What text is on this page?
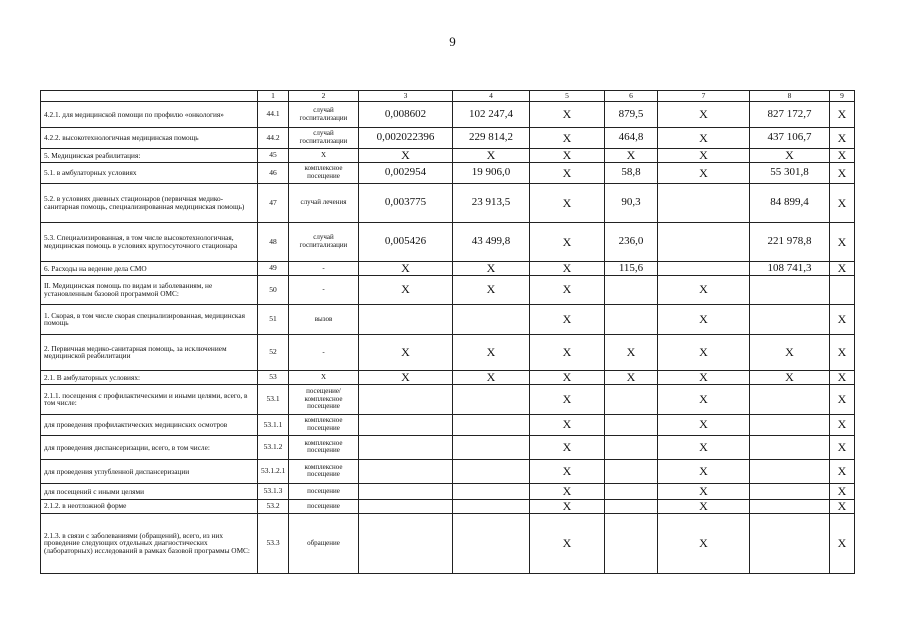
9
	1	2	3	4	5	6	7	8	9
4.2.1. для медицинской помощи по профилю «онкология»	44.1	случай госпитализации	0,008602	102 247,4	X	879,5	X	827 172,7	X
4.2.2. высокотехнологичная медицинская помощь	44.2	случай госпитализации	0,002022396	229 814,2	X	464,8	X	437 106,7	X
5. Медицинская реабилитация:	45	X	X	X	X	X	X	X	X
5.1. в амбулаторных условиях	46	комплексное посещение	0,002954	19 906,0	X	58,8	X	55 301,8	X
5.2. в условиях дневных стационаров (первичная медико-санитарная помощь, специализированная медицинская помощь)	47	случай лечения	0,003775	23 913,5	X	90,3		84 899,4	X
5.3. Специализированная, в том числе высокотехнологичная, медицинская помощь в условиях круглосуточного стационара	48	случай госпитализации	0,005426	43 499,8	X	236,0		221 978,8	X
6. Расходы на ведение дела СМО	49	-	X	X	X	115,6		108 741,3	X
II. Медицинская помощь по видам и заболеваниям, не установленным базовой программой ОМС:	50	-	X	X	X		X		
1. Скорая, в том числе скорая специализированная, медицинская помощь	51	вызов			X		X		X
2. Первичная медико-санитарная помощь, за исключением медицинской реабилитации	52	-	X	X	X	X	X	X	X
2.1. В амбулаторных условиях:	53	X	X	X	X	X	X	X	X
2.1.1. посещения с профилактическими и иными целями, всего, в том числе:	53.1	посещение/ комплексное посещение			X		X		X
для проведения профилактических медицинских осмотров	53.1.1	комплексное посещение			X		X		X
для проведения диспансеризации, всего, в том числе:	53.1.2	комплексное посещение			X		X		X
для проведения углубленной диспансеризации	53.1.2.1	комплексное посещение			X		X		X
для посещений с иными целями	53.1.3	посещение			X		X		X
2.1.2. в неотложной форме	53.2	посещение			X		X		X
2.1.3. в связи с заболеваниями (обращений), всего, из них проведение следующих отдельных диагностических (лабораторных) исследований в рамках базовой программы ОМС:	53.3	обращение			X		X		X
